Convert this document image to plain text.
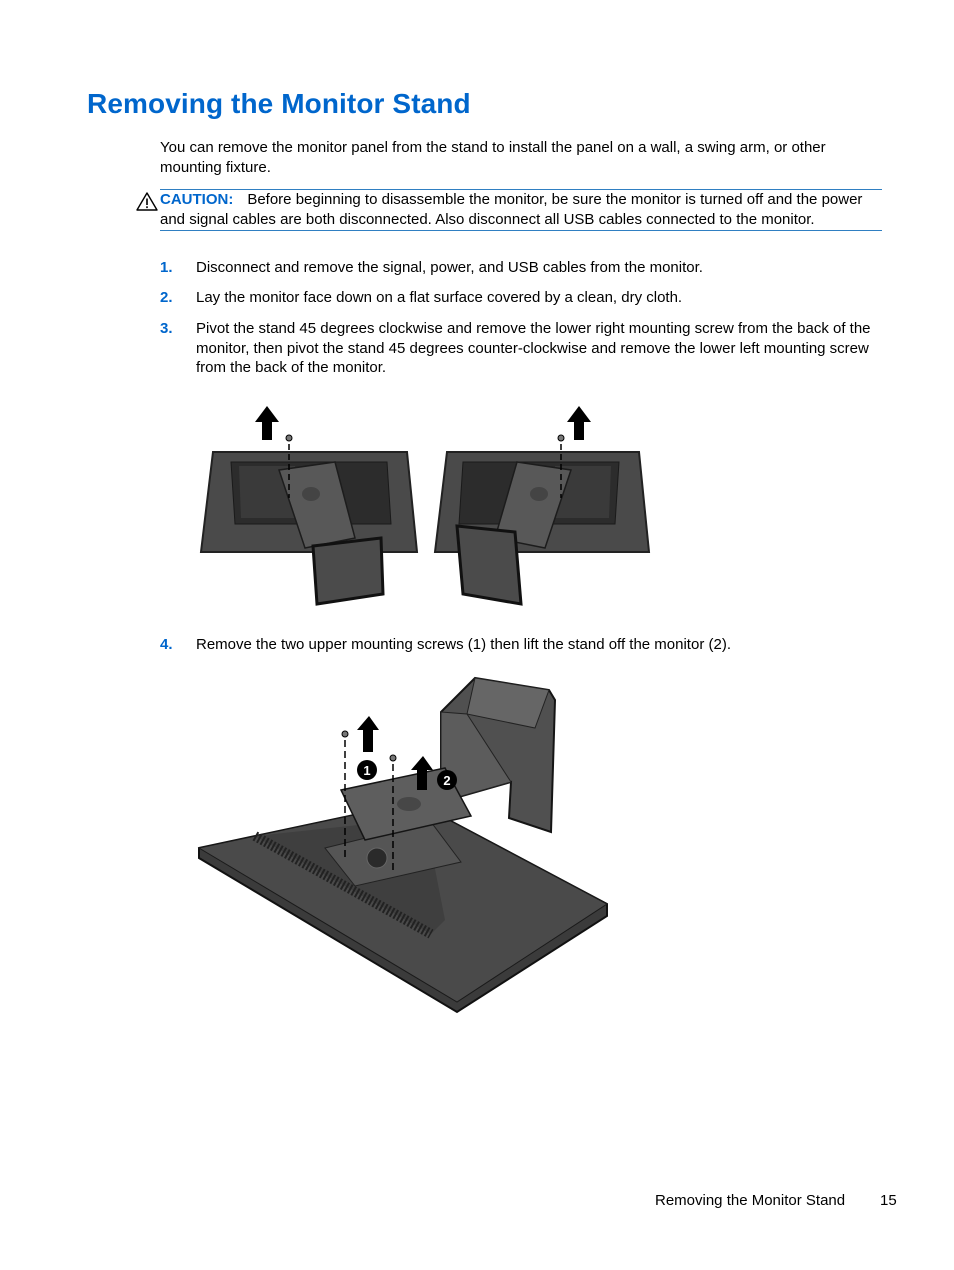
Removing the Monitor Stand

You can remove the monitor panel from the stand to install the panel on a wall, a swing arm, or other mounting fixture.

CAUTION: Before beginning to disassemble the monitor, be sure the monitor is turned off and the power and signal cables are both disconnected. Also disconnect all USB cables connected to the monitor.
1. Disconnect and remove the signal, power, and USB cables from the monitor.
2. Lay the monitor face down on a flat surface covered by a clean, dry cloth.
3. Pivot the stand 45 degrees clockwise and remove the lower right mounting screw from the back of the monitor, then pivot the stand 45 degrees counter-clockwise and remove the lower left mounting screw from the back of the monitor.
4. Remove the two upper mounting screws (1) then lift the stand off the monitor (2).
1
2
Removing the Monitor Stand 15
